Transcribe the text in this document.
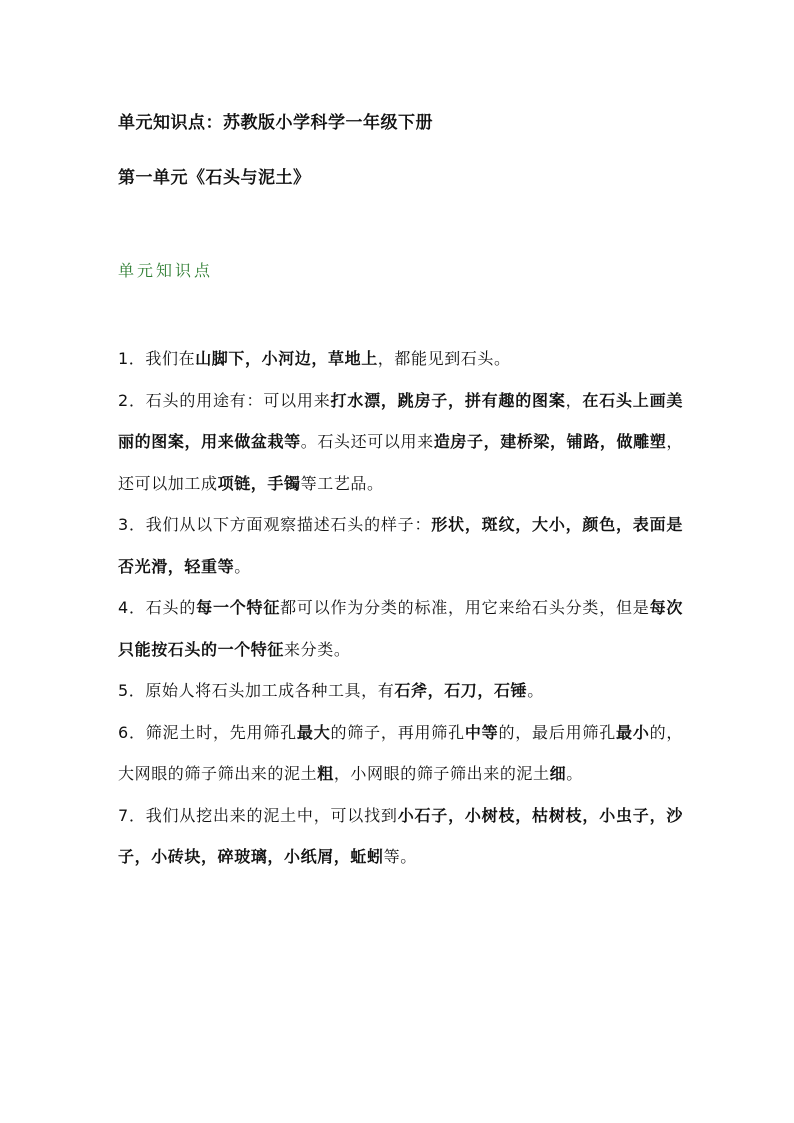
单元知识点：苏教版小学科学一年级下册
第一单元《石头与泥土》
单元知识点

1．我们在山脚下，小河边，草地上，都能见到石头。

2．石头的用途有：可以用来打水漂，跳房子，拼有趣的图案，在石头上画美丽的图案，用来做盆栽等。石头还可以用来造房子，建桥梁，铺路，做雕塑，还可以加工成项链，手镯等工艺品。

3．我们从以下方面观察描述石头的样子：形状，斑纹，大小，颜色，表面是否光滑，轻重等。

4．石头的每一个特征都可以作为分类的标准，用它来给石头分类，但是每次只能按石头的一个特征来分类。

5．原始人将石头加工成各种工具，有石斧，石刀，石锤。

6．筛泥土时，先用筛孔最大的筛子，再用筛孔中等的，最后用筛孔最小的，大网眼的筛子筛出来的泥土粗，小网眼的筛子筛出来的泥土细。

7．我们从挖出来的泥土中，可以找到小石子，小树枝，枯树枝，小虫子，沙子，小砖块，碎玻璃，小纸屑，蚯蚓等。
